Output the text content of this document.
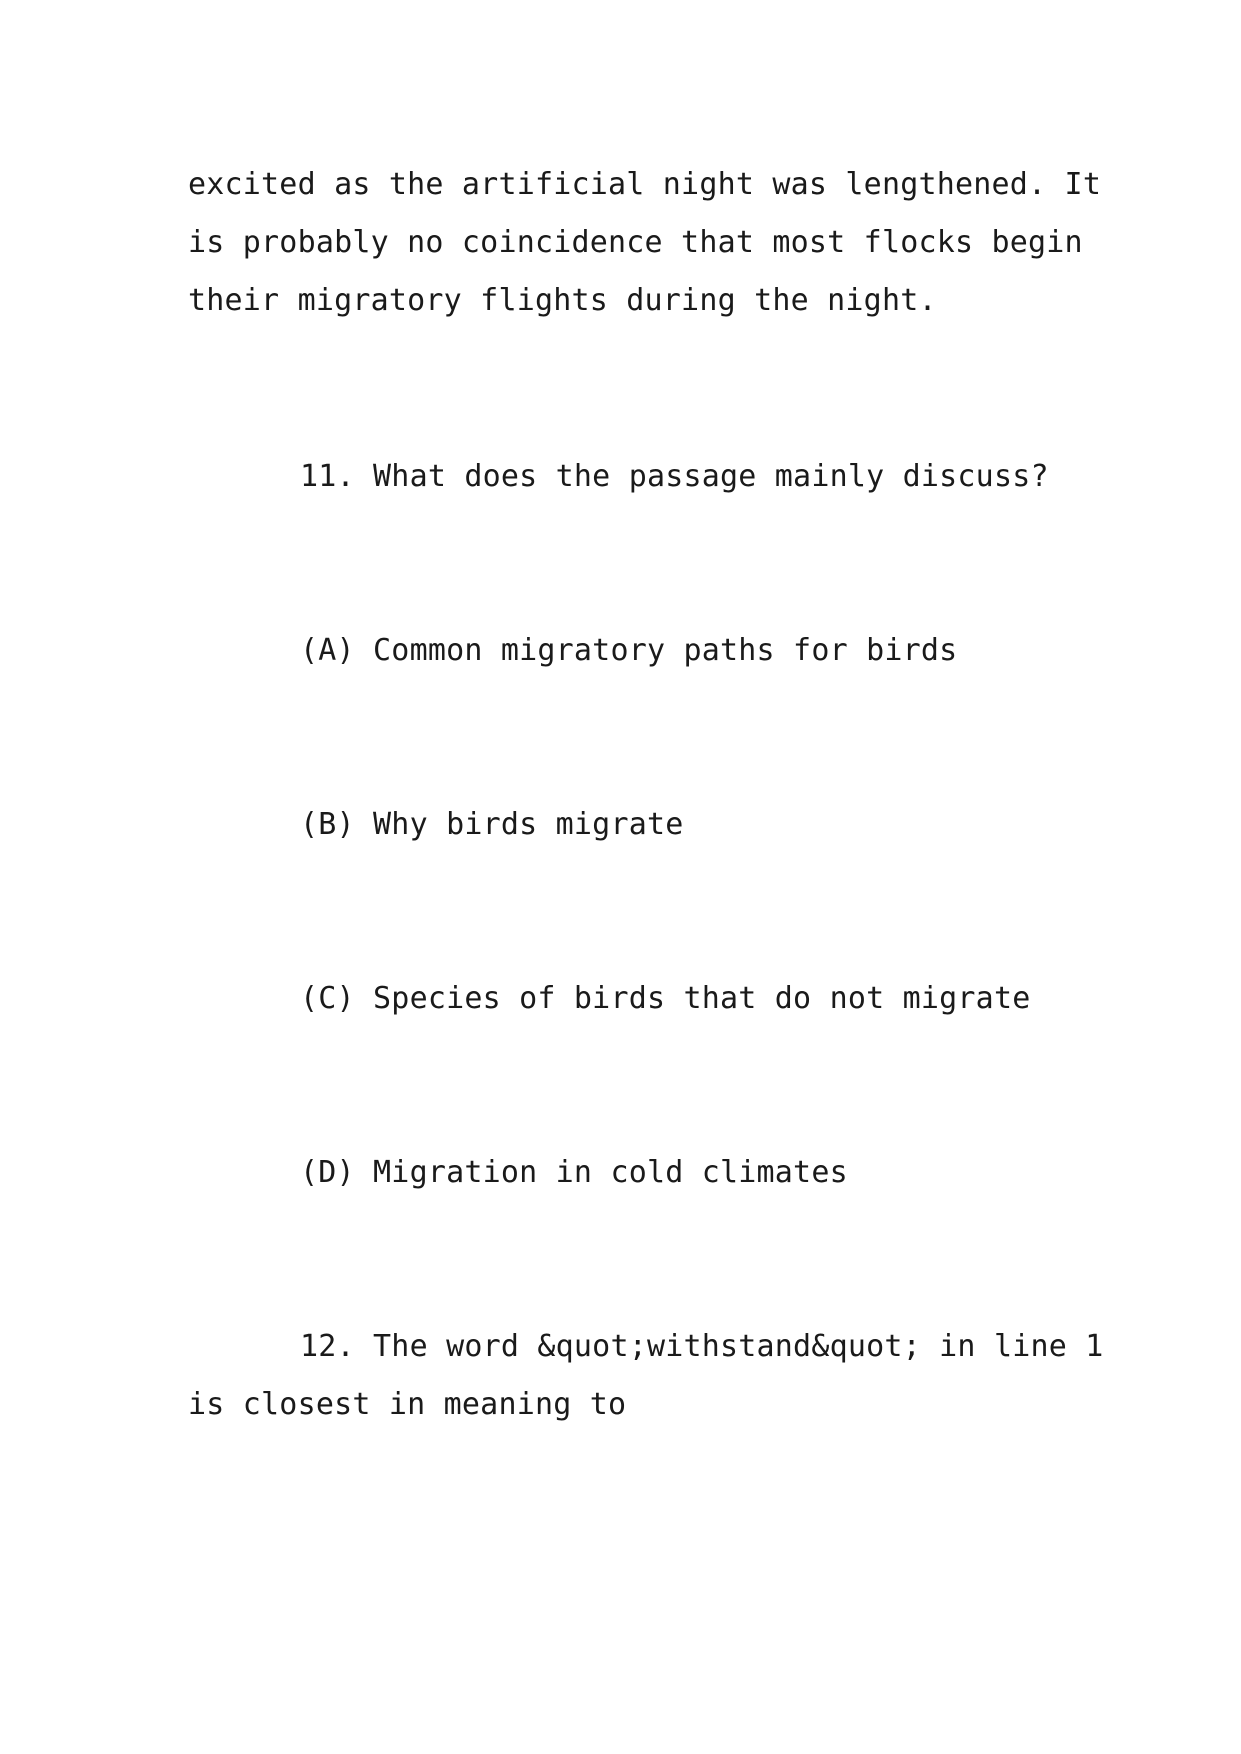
excited as the artificial night was lengthened. It
is probably no coincidence that most flocks begin
their migratory flights during the night.
11. What does the passage mainly discuss?
(A) Common migratory paths for birds
(B) Why birds migrate
(C) Species of birds that do not migrate
(D) Migration in cold climates
12. The word &quot;withstand&quot; in line 1
is closest in meaning to
